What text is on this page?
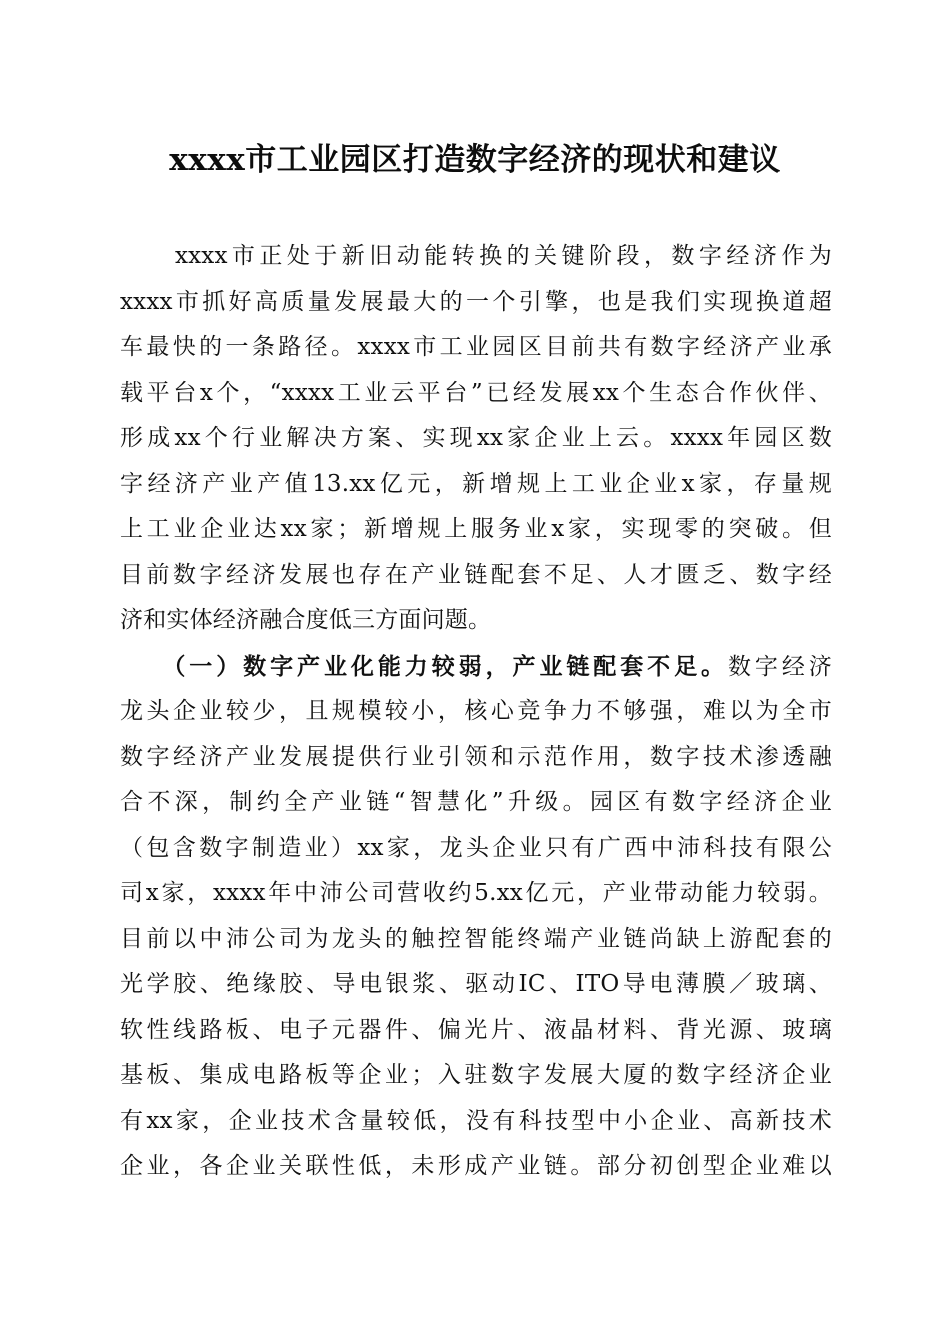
xxxx市工业园区打造数字经济的现状和建议
　　xxxx市正处于新旧动能转换的关键阶段，数字经济作为
xxxx市抓好高质量发展最大的一个引擎，也是我们实现换道超
车最快的一条路径。xxxx市工业园区目前共有数字经济产业承
载平台x个，“xxxx工业云平台”已经发展xx个生态合作伙伴、
形成xx个行业解决方案、实现xx家企业上云。xxxx年园区数
字经济产业产值13.xx亿元，新增规上工业企业x家，存量规
上工业企业达xx家；新增规上服务业x家，实现零的突破。但
目前数字经济发展也存在产业链配套不足、人才匮乏、数字经
济和实体经济融合度低三方面问题。
　　（一）数字产业化能力较弱，产业链配套不足。数字经济
龙头企业较少，且规模较小，核心竞争力不够强，难以为全市
数字经济产业发展提供行业引领和示范作用，数字技术渗透融
合不深，制约全产业链“智慧化”升级。园区有数字经济企业
（包含数字制造业）xx家，龙头企业只有广西中沛科技有限公
司x家，xxxx年中沛公司营收约5.xx亿元，产业带动能力较弱。
目前以中沛公司为龙头的触控智能终端产业链尚缺上游配套的
光学胶、绝缘胶、导电银浆、驱动IC、ITO导电薄膜／玻璃、
软性线路板、电子元器件、偏光片、液晶材料、背光源、玻璃
基板、集成电路板等企业；入驻数字发展大厦的数字经济企业
有xx家，企业技术含量较低，没有科技型中小企业、高新技术
企业，各企业关联性低，未形成产业链。部分初创型企业难以
